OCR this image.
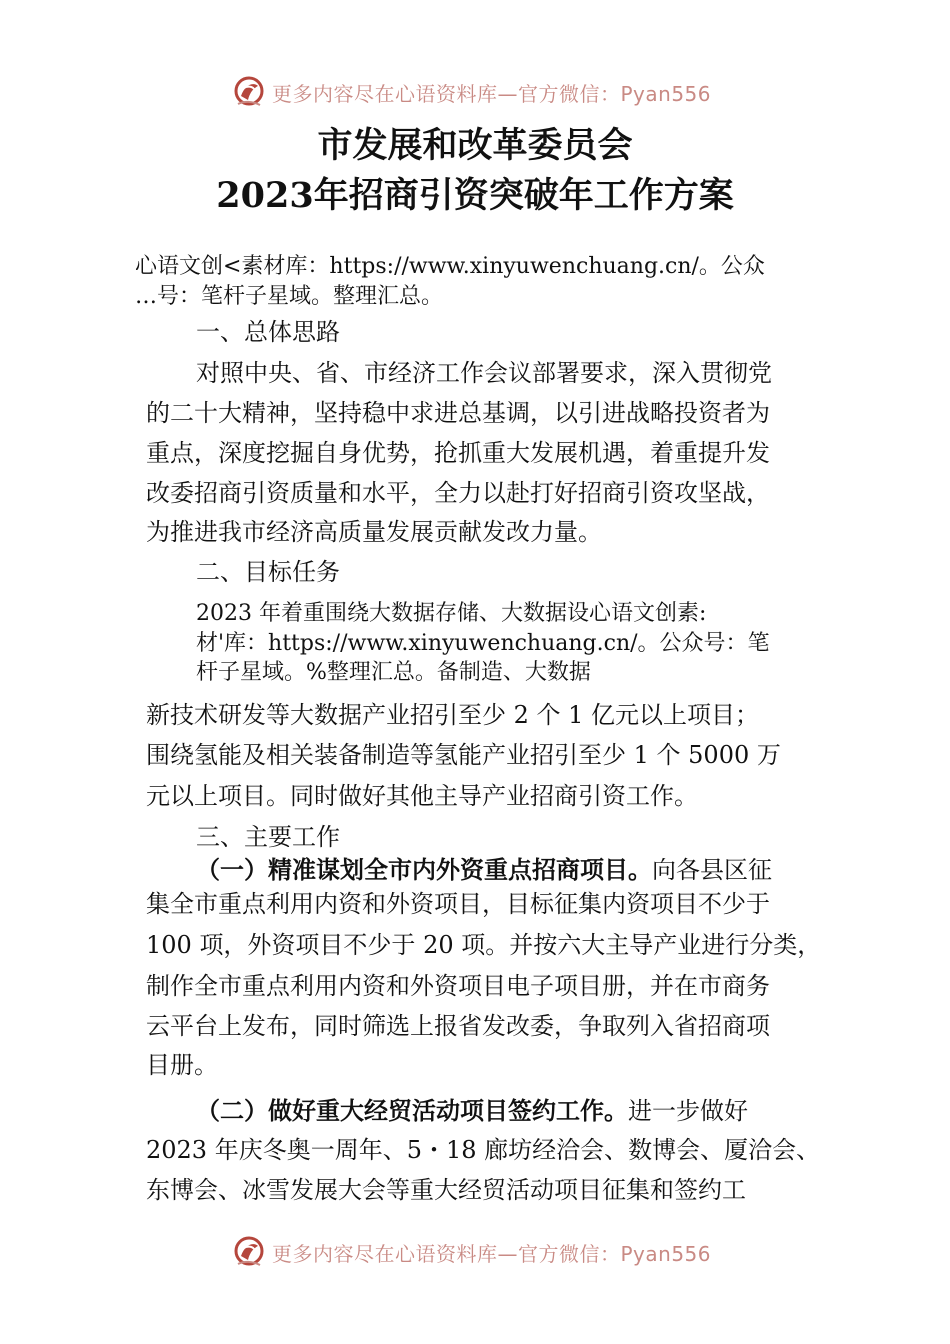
更多内容尽在心语资料库—官方微信：Pyan556
市发展和改革委员会
2023年招商引资突破年工作方案
心语文创<素材库：https://www.xinyuwenchuang.cn/。公众
…号：笔杆子星域。整理汇总。
一、总体思路
对照中央、省、市经济工作会议部署要求，深入贯彻党
的二十大精神，坚持稳中求进总基调，以引进战略投资者为
重点，深度挖掘自身优势，抢抓重大发展机遇，着重提升发
改委招商引资质量和水平，全力以赴打好招商引资攻坚战，
为推进我市经济高质量发展贡献发改力量。
二、目标任务
2023 年着重围绕大数据存储、大数据设心语文创素:
材'库：https://www.xinyuwenchuang.cn/。公众号：笔
杆子星域。%整理汇总。备制造、大数据
新技术研发等大数据产业招引至少 2 个 1 亿元以上项目；
围绕氢能及相关装备制造等氢能产业招引至少 1 个 5000 万
元以上项目。同时做好其他主导产业招商引资工作。
三、主要工作
（一）精准谋划全市内外资重点招商项目。向各县区征
集全市重点利用内资和外资项目，目标征集内资项目不少于
100 项，外资项目不少于 20 项。并按六大主导产业进行分类，
制作全市重点利用内资和外资项目电子项目册，并在市商务
云平台上发布，同时筛选上报省发改委，争取列入省招商项
目册。
（二）做好重大经贸活动项目签约工作。进一步做好
2023 年庆冬奥一周年、5・18 廊坊经洽会、数博会、厦洽会、
东博会、冰雪发展大会等重大经贸活动项目征集和签约工
更多内容尽在心语资料库—官方微信：Pyan556
